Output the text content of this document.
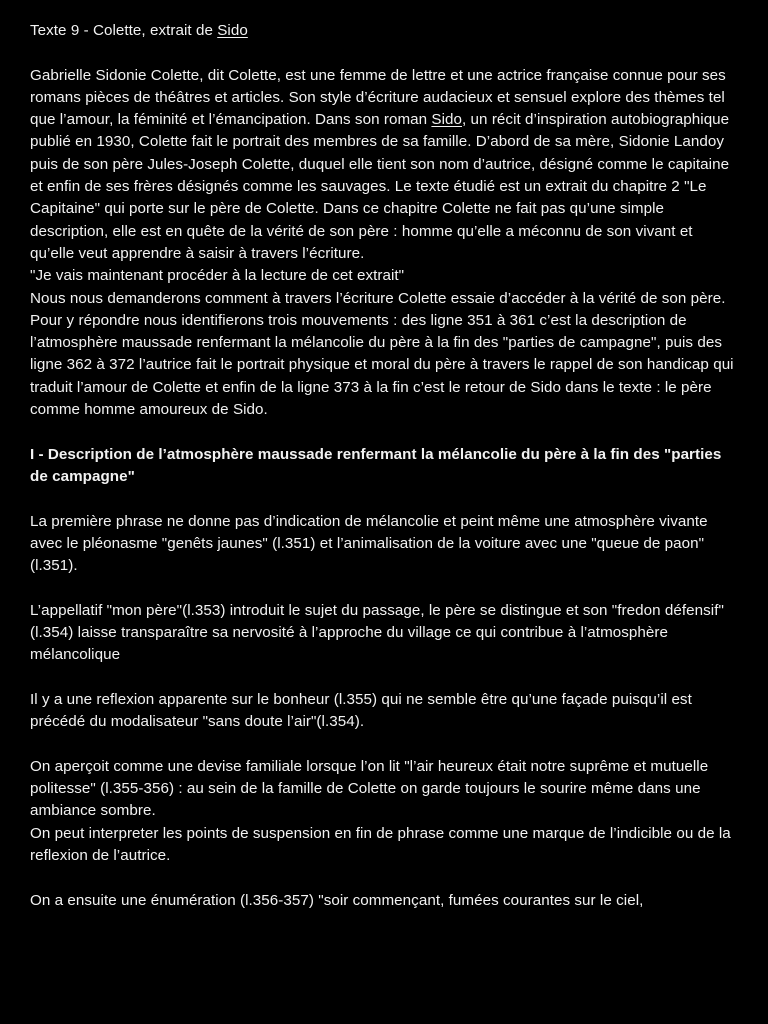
Texte 9 - Colette, extrait de Sido

Gabrielle Sidonie Colette, dit Colette, est une femme de lettre et une actrice française connue pour ses romans pièces de théâtres et articles. Son style d’écriture audacieux et sensuel explore des thèmes tel que l’amour, la féminité et l’émancipation. Dans son roman Sido, un récit d’inspiration autobiographique publié en 1930, Colette fait le portrait des membres de sa famille. D’abord de sa mère, Sidonie Landoy puis de son père Jules-Joseph Colette, duquel elle tient son nom d’autrice, désigné comme le capitaine et enfin de ses frères désignés comme les sauvages. Le texte étudié est un extrait du chapitre 2 "Le Capitaine" qui porte sur le père de Colette. Dans ce chapitre Colette ne fait pas qu’une simple description, elle est en quête de la vérité de son père : homme qu’elle a méconnu de son vivant et qu’elle veut apprendre à saisir à travers l’écriture.

"Je vais maintenant procéder à la lecture de cet extrait"

Nous nous demanderons comment à travers l’écriture Colette essaie d’accéder à la vérité de son père.

Pour y répondre nous identifierons trois mouvements : des ligne 351 à 361 c’est la description de l’atmosphère maussade renfermant la mélancolie du père à la fin des "parties de campagne", puis des ligne 362 à 372 l’autrice fait le portrait physique et moral du père à travers le rappel de son handicap qui traduit l’amour de Colette et enfin de la ligne 373 à la fin c’est le retour de Sido dans le texte : le père comme homme amoureux de Sido.

I - Description de l’atmosphère maussade renfermant la mélancolie du père à la fin des "parties de campagne"

La première phrase ne donne pas d’indication de mélancolie et peint même une atmosphère vivante avec le pléonasme "genêts jaunes" (l.351) et l’animalisation de la voiture avec une "queue de paon" (l.351).

L’appellatif "mon père"(l.353) introduit le sujet du passage, le père se distingue et son "fredon défensif"(l.354) laisse transparaître sa nervosité à l’approche du village ce qui contribue à l’atmosphère mélancolique

Il y a une reflexion apparente sur le bonheur (l.355) qui ne semble être qu’une façade puisqu’il est précédé du modalisateur "sans doute l’air"(l.354).

On aperçoit comme une devise familiale lorsque l’on lit "l’air heureux était notre suprême et mutuelle politesse" (l.355-356) : au sein de la famille de Colette on garde toujours le sourire même dans une ambiance sombre.

On peut interpreter les points de suspension en fin de phrase comme une marque de l’indicible ou de la reflexion de l’autrice.

On a ensuite une énumération (l.356-357) "soir commençant, fumées courantes sur le ciel,
